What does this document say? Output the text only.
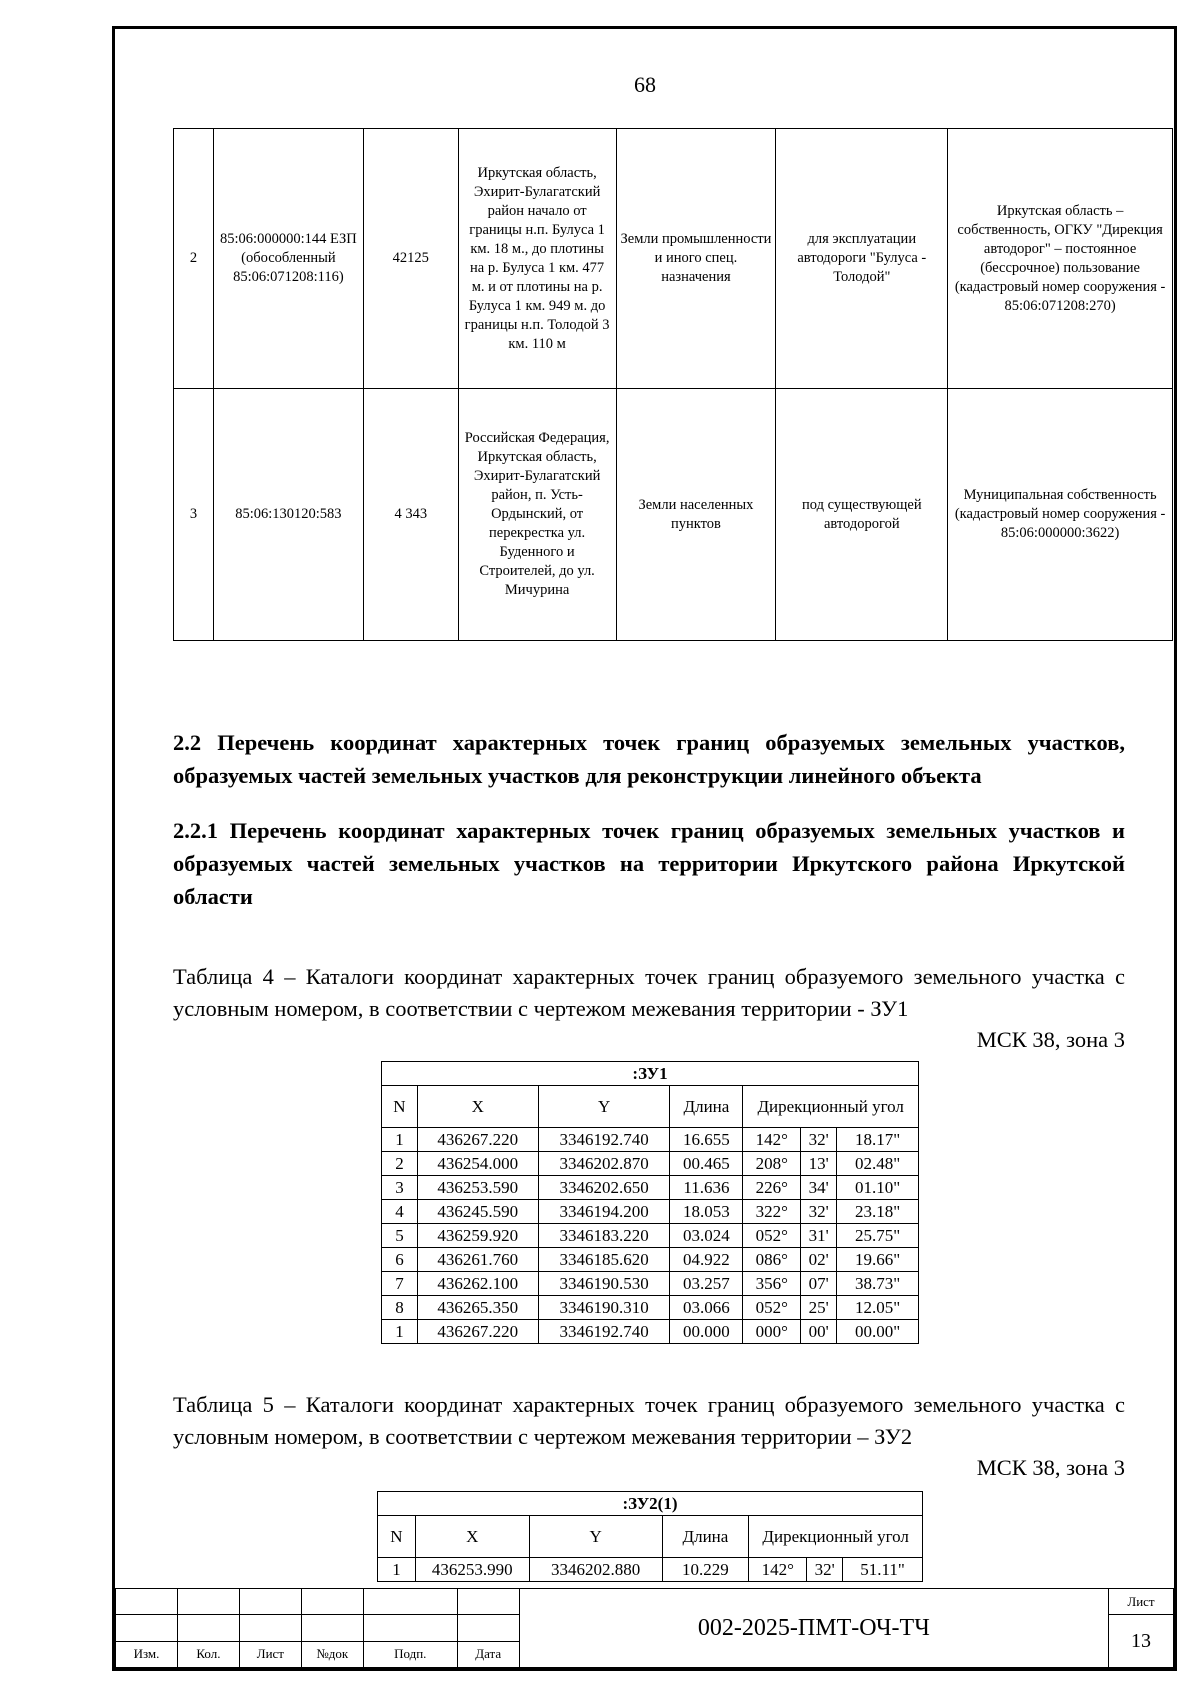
68
2	85:06:000000:144 ЕЗП (обособленный 85:06:071208:116)	42125	Иркутская область, Эхирит-Булагатский район начало от границы н.п. Булуса 1 км. 18 м., до плотины на р. Булуса 1 км. 477 м. и от плотины на р. Булуса 1 км. 949 м. до границы н.п. Толодой 3 км. 110 м	Земли промышленности и иного спец. назначения	для эксплуатации автодороги "Булуса - Толодой"	Иркутская область – собственность, ОГКУ "Дирекция автодорог" – постоянное (бессрочное) пользование (кадастровый номер сооружения - 85:06:071208:270)
3	85:06:130120:583	4 343	Российская Федерация, Иркутская область, Эхирит-Булагатский район, п. Усть-Ордынский, от перекрестка ул. Буденного и Строителей, до ул. Мичурина	Земли населенных пунктов	под существующей автодорогой	Муниципальная собственность (кадастровый номер сооружения - 85:06:000000:3622)
2.2 Перечень координат характерных точек границ образуемых земельных участков, образуемых частей земельных участков для реконструкции линейного объекта
2.2.1 Перечень координат характерных точек границ образуемых земельных участков и образуемых частей земельных участков на территории Иркутского района Иркутской области
Таблица 4 – Каталоги координат характерных точек границ образуемого земельного участка с условным номером, в соответствии с чертежом межевания территории - ЗУ1
МСК 38, зона 3
:ЗУ1						
N	X	Y	Длина	Дирекционный угол		
1	436267.220	3346192.740	16.655	142°	32'	18.17"
2	436254.000	3346202.870	00.465	208°	13'	02.48"
3	436253.590	3346202.650	11.636	226°	34'	01.10"
4	436245.590	3346194.200	18.053	322°	32'	23.18"
5	436259.920	3346183.220	03.024	052°	31'	25.75"
6	436261.760	3346185.620	04.922	086°	02'	19.66"
7	436262.100	3346190.530	03.257	356°	07'	38.73"
8	436265.350	3346190.310	03.066	052°	25'	12.05"
1	436267.220	3346192.740	00.000	000°	00'	00.00"
Таблица 5 – Каталоги координат характерных точек границ образуемого земельного участка с условным номером, в соответствии с чертежом межевания территории – ЗУ2
МСК 38, зона 3
:ЗУ2(1)						
N	X	Y	Длина	Дирекционный угол		
1	436253.990	3346202.880	10.229	142°	32'	51.11"
						002-2025-ПМТ-ОЧ-ТЧ	Лист
							13
Изм.	Кол.	Лист	№док	Подп.	Дата		
